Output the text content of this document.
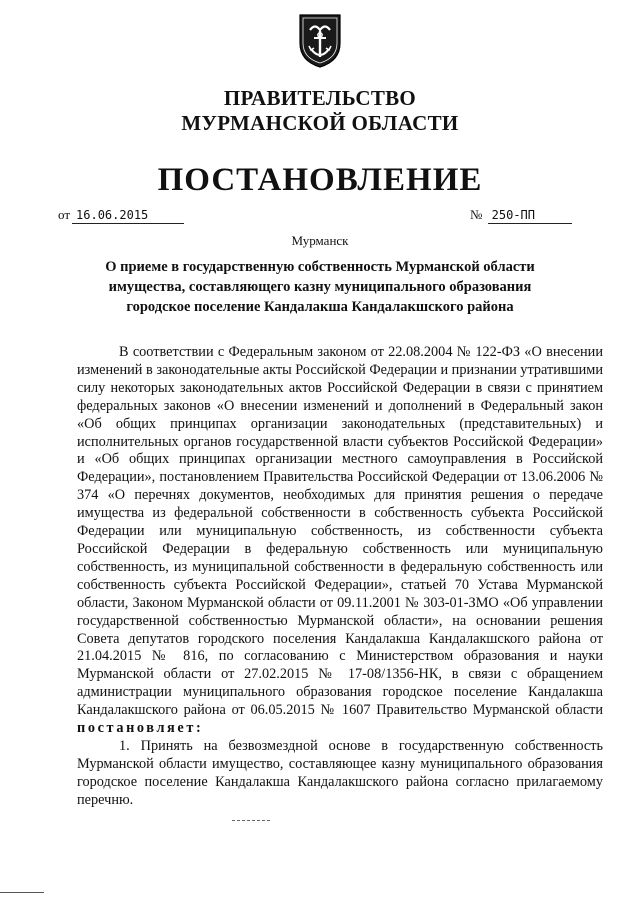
ПРАВИТЕЛЬСТВО
МУРМАНСКОЙ ОБЛАСТИ
ПОСТАНОВЛЕНИЕ
от 16.06.2015	№ 250-ПП
Мурманск
О приеме в государственную собственность Мурманской области
имущества, составляющего казну муниципального образования
городское поселение Кандалакша Кандалакшского района

В соответствии с Федеральным законом от 22.08.2004 № 122-ФЗ «О внесении изменений в законодательные акты Российской Федерации и признании утратившими силу некоторых законодательных актов Российской Федерации в связи с принятием федеральных законов «О внесении изменений и дополнений в Федеральный закон «Об общих принципах организации законодательных (представительных) и исполнительных органов государственной власти субъектов Российской Федерации» и «Об общих принципах организации местного самоуправления в Российской Федерации», постановлением Правительства Российской Федерации от 13.06.2006 № 374 «О перечнях документов, необходимых для принятия решения о передаче имущества из федеральной собственности в собственность субъекта Российской Федерации или муниципальную собственность, из собственности субъекта Российской Федерации в федеральную собственность или муниципальную собственность, из муниципальной собственности в федеральную собственность или собственность субъекта Российской Федерации», статьей 70 Устава Мурманской области, Законом Мурманской области от 09.11.2001 № 303-01-ЗМО «Об управлении государственной собственностью Мурманской области», на основании решения Совета депутатов городского поселения Кандалакша Кандалакшского района от 21.04.2015 № 816, по согласованию с Министерством образования и науки Мурманской области от 27.02.2015 № 17-08/1356-НК, в связи с обращением администрации муниципального образования городское поселение Кандалакша Кандалакшского района от 06.05.2015 № 1607 Правительство Мурманской области постановляет:

1. Принять на безвозмездной основе в государственную собственность Мурманской области имущество, составляющее казну муниципального образования городское поселение Кандалакша Кандалакшского района согласно прилагаемому перечню.
